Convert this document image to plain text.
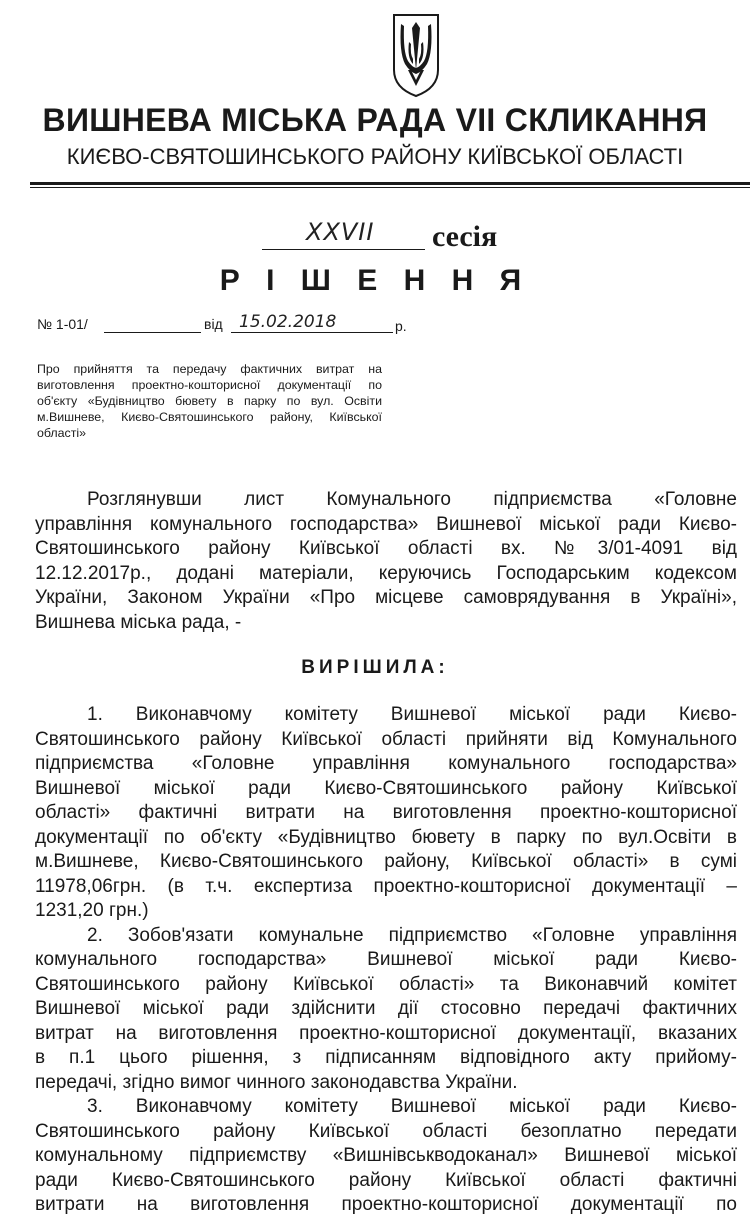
ВИШНЕВА МІСЬКА РАДА VII СКЛИКАННЯ
КИЄВО-СВЯТОШИНСЬКОГО РАЙОНУ КИЇВСЬКОЇ ОБЛАСТІ
XXVII сесія
Р І Ш Е Н Н Я
№ 1-01/	від 15.02.2018	р.
Про прийняття та передачу фактичних витрат на виготовлення проектно-кошторисної документації по об'єкту «Будівництво бювету в парку по вул. Освіти м.Вишневе, Києво-Святошинського району, Київської області»

Розглянувши лист Комунального підприємства «Головне

управління комунального господарства» Вишневої міської ради Києво-

Святошинського району Київської області вх. №3/01-4091 від

12.12.2017р., додані матеріали, керуючись Господарським кодексом

України, Законом України «Про місцеве самоврядування в Україні»,

Вишнева міська рада, -

ВИРІШИЛА:

1. Виконавчому комітету Вишневої міської ради Києво-

Святошинського району Київської області прийняти від Комунального

підприємства «Головне управління комунального господарства»

Вишневої міської ради Києво-Святошинського району Київської

області» фактичні витрати на виготовлення проектно-кошторисної

документації по об'єкту «Будівництво бювету в парку по вул.Освіти в

м.Вишневе, Києво-Святошинського району, Київської області» в сумі

11978,06грн. (в т.ч. експертиза проектно-кошторисної документації –

1231,20 грн.)

2. Зобов'язати комунальне підприємство «Головне управління

комунального господарства» Вишневої міської ради Києво-

Святошинського району Київської області» та Виконавчий комітет

Вишневої міської ради здійснити дії стосовно передачі фактичних

витрат на виготовлення проектно-кошторисної документації, вказаних

в п.1 цього рішення, з підписанням відповідного акту прийому-

передачі, згідно вимог чинного законодавства України.

3. Виконавчому комітету Вишневої міської ради Києво-

Святошинського району Київської області безоплатно передати

комунальному підприємству «Вишнівськводоканал» Вишневої міської

ради Києво-Святошинського району Київської області фактичні

витрати на виготовлення проектно-кошторисної документації по
